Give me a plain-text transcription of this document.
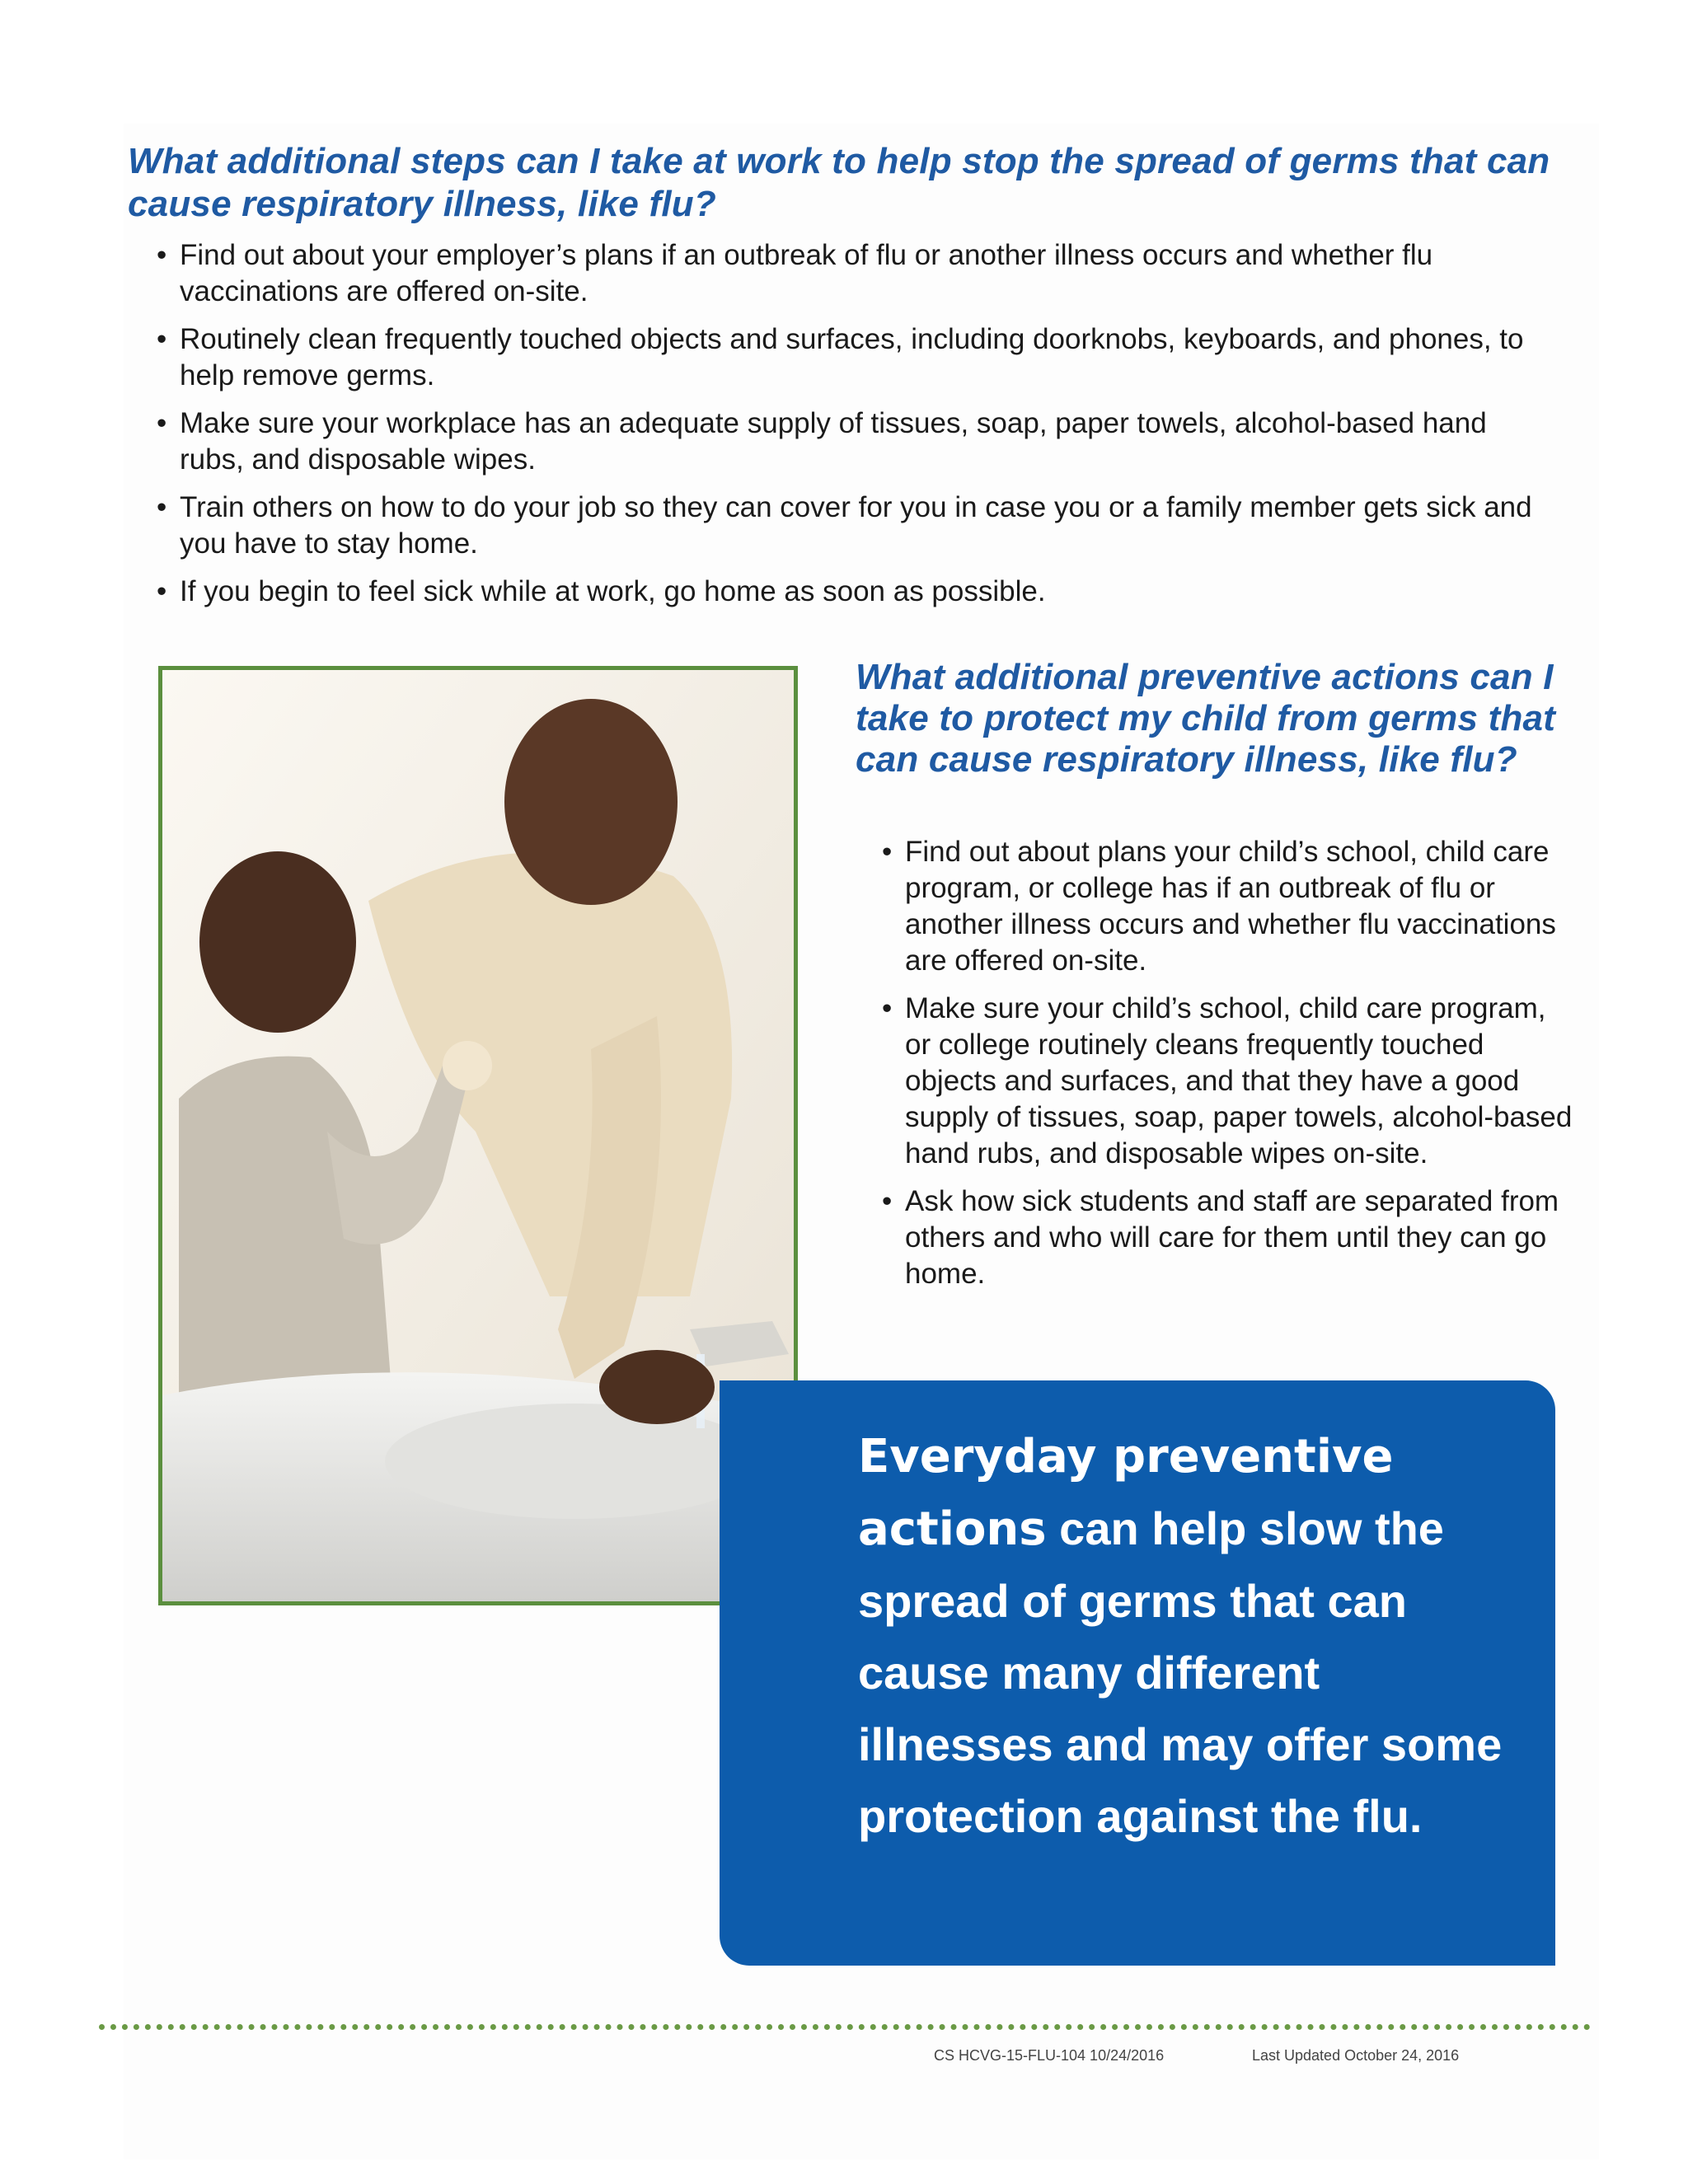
What additional steps can I take at work to help stop the spread of germs that can cause respiratory illness, like flu?
• Find out about your employer’s plans if an outbreak of flu or another illness occurs and whether flu vaccinations are offered on-site.
• Routinely clean frequently touched objects and surfaces, including doorknobs, keyboards, and phones, to help remove germs.
• Make sure your workplace has an adequate supply of tissues, soap, paper towels, alcohol-based hand rubs, and disposable wipes.
• Train others on how to do your job so they can cover for you in case you or a family member gets sick and you have to stay home.
• If you begin to feel sick while at work, go home as soon as possible.
What additional preventive actions can I take to protect my child from germs that can cause respiratory illness, like flu?
• Find out about plans your child’s school, child care program, or college has if an outbreak of flu or another illness occurs and whether flu vaccinations are offered on-site.
• Make sure your child’s school, child care program, or college routinely cleans frequently touched objects and surfaces, and that they have a good supply of tissues, soap, paper towels, alcohol-based hand rubs, and disposable wipes on-site.
• Ask how sick students and staff are separated from others and who will care for them until they can go home.

Everyday preventive actions can help slow the spread of germs that can cause many different illnesses and may offer some protection against the flu.

CS HCVG-15-FLU-104 10/24/2016	Last Updated October 24, 2016
